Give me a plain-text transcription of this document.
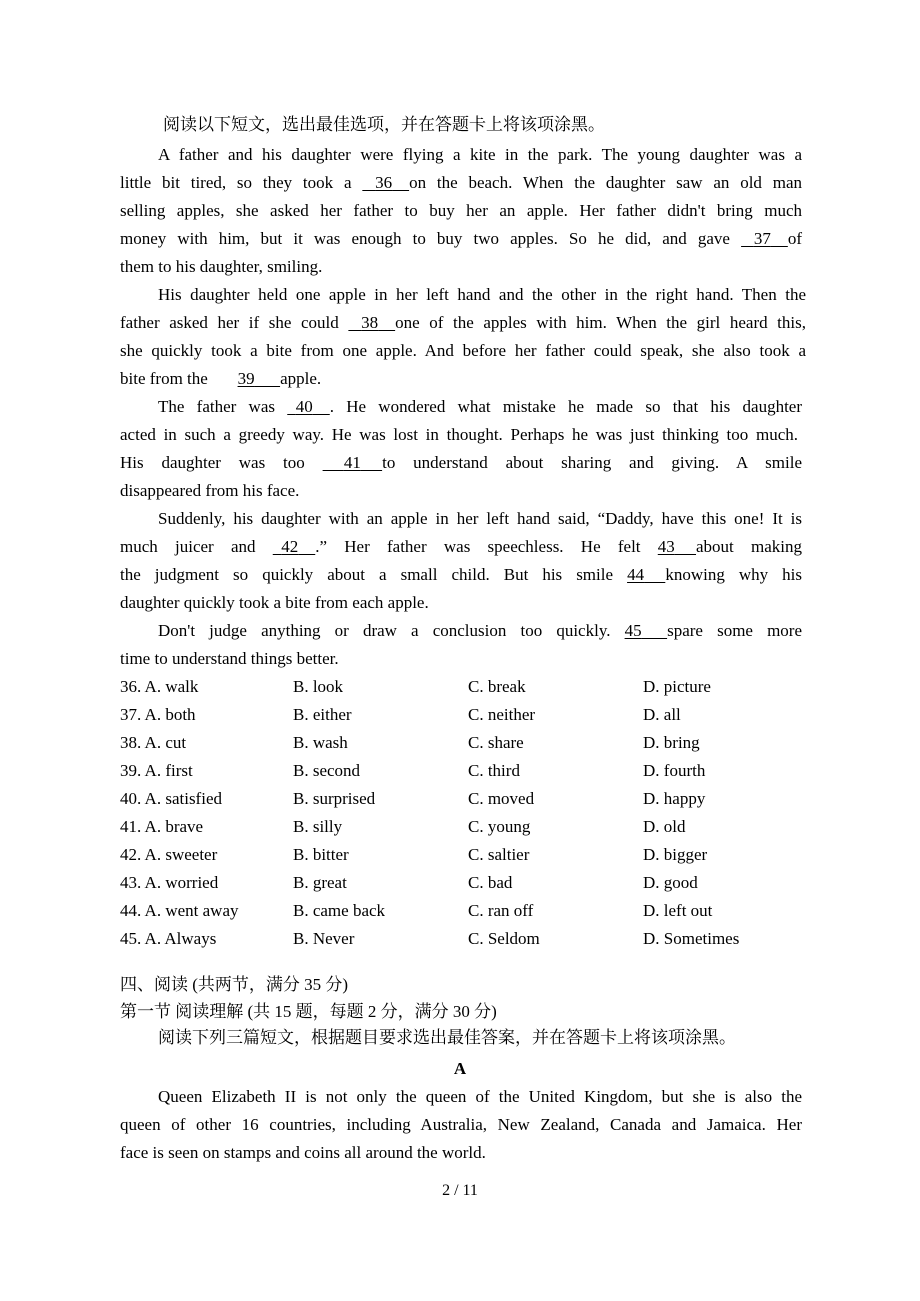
阅读以下短文，选出最佳选项，并在答题卡上将该项涂黑。
A father and his daughter were flying a kite in the park. The young daughter was a
little bit tired, so they took a 36 on the beach. When the daughter saw an old man
selling apples, she asked her father to buy her an apple. Her father didn't bring much
money with him, but it was enough to buy two apples. So he did, and gave 37 of
them to his daughter, smiling.
His daughter held one apple in her left hand and the other in the right hand. Then the
father asked her if she could 38 one of the apples with him. When the girl heard this,
she quickly took a bite from one apple. And before her father could speak, she also took a
bite from the 39 apple.
The father was 40 . He wondered what mistake he made so that his daughter
acted in such a greedy way. He was lost in thought. Perhaps he was just thinking too much.
His daughter was too 41 to understand about sharing and giving. A smile
disappeared from his face.
Suddenly, his daughter with an apple in her left hand said, “Daddy, have this one! It is
much juicer and 42 .” Her father was speechless. He felt 43 about making
the judgment so quickly about a small child. But his smile 44 knowing why his
daughter quickly took a bite from each apple.
Don't judge anything or draw a conclusion too quickly. 45 spare some more
time to understand things better.
36. A. walk	B. look	C. break	D. picture
37. A. both	B. either	C. neither	D. all
38. A. cut	B. wash	C. share	D. bring
39. A. first	B. second	C. third	D. fourth
40. A. satisfied	B. surprised	C. moved	D. happy
41. A. brave	B. silly	C. young	D. old
42. A. sweeter	B. bitter	C. saltier	D. bigger
43. A. worried	B. great	C. bad	D. good
44. A. went away	B. came back	C. ran off	D. left out
45. A. Always	B. Never	C. Seldom	D. Sometimes
四、阅读 (共两节，满分 35 分)
第一节 阅读理解 (共 15 题，每题 2 分，满分 30 分)
阅读下列三篇短文，根据题目要求选出最佳答案，并在答题卡上将该项涂黑。
A
Queen Elizabeth II is not only the queen of the United Kingdom, but she is also the
queen of other 16 countries, including Australia, New Zealand, Canada and Jamaica. Her
face is seen on stamps and coins all around the world.
2 / 11
